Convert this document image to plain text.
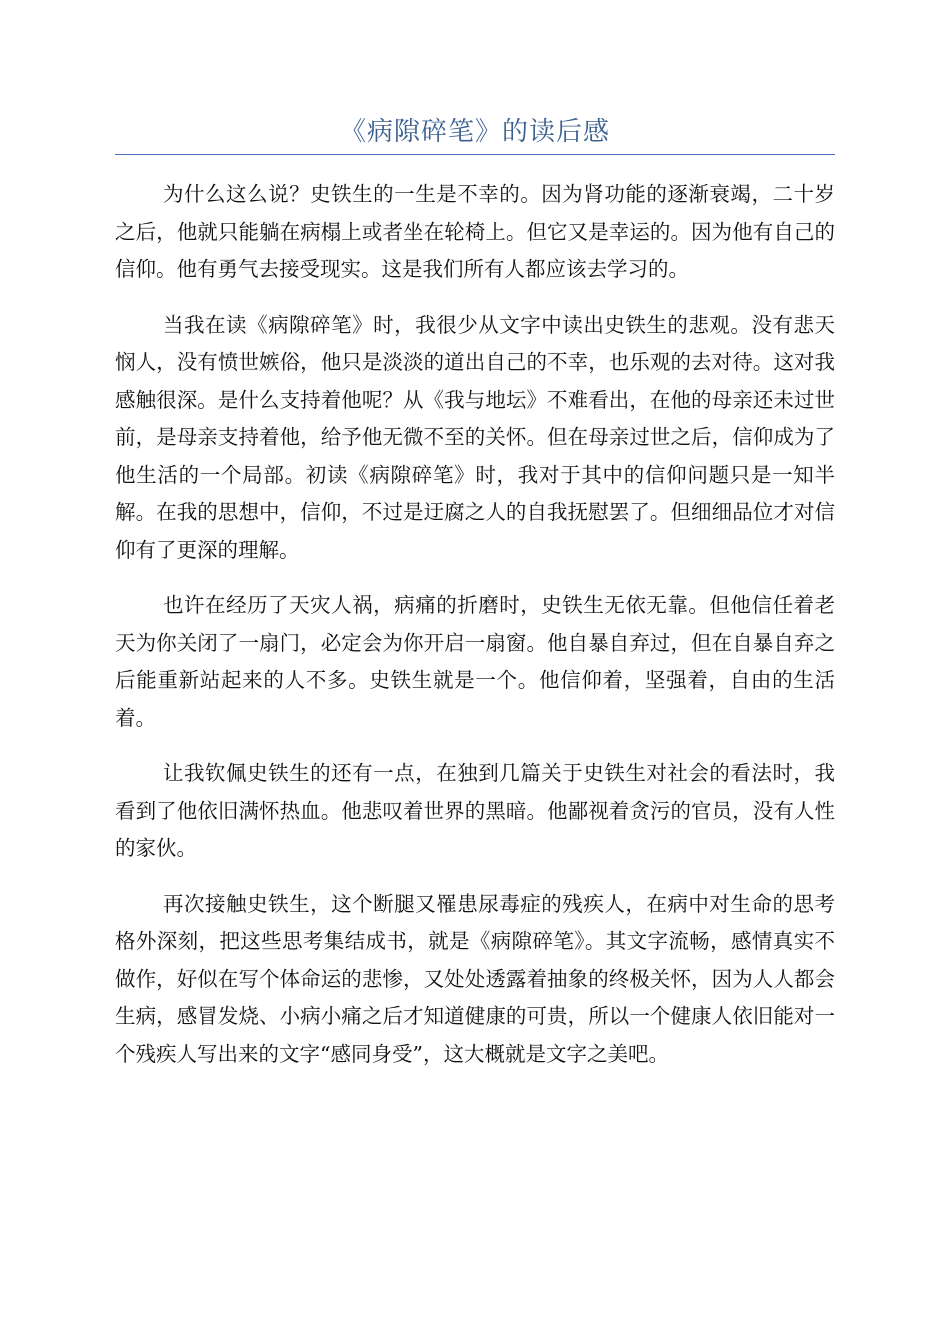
《病隙碎笔》的读后感

为什么这么说？史铁生的一生是不幸的。因为肾功能的逐渐衰竭，二十岁之后，他就只能躺在病榻上或者坐在轮椅上。但它又是幸运的。因为他有自己的信仰。他有勇气去接受现实。这是我们所有人都应该去学习的。

当我在读《病隙碎笔》时，我很少从文字中读出史铁生的悲观。没有悲天悯人，没有愤世嫉俗，他只是淡淡的道出自己的不幸，也乐观的去对待。这对我感触很深。是什么支持着他呢？从《我与地坛》不难看出，在他的母亲还未过世前，是母亲支持着他，给予他无微不至的关怀。但在母亲过世之后，信仰成为了他生活的一个局部。初读《病隙碎笔》时，我对于其中的信仰问题只是一知半解。在我的思想中，信仰，不过是迂腐之人的自我抚慰罢了。但细细品位才对信仰有了更深的理解。

也许在经历了天灾人祸，病痛的折磨时，史铁生无依无靠。但他信任着老天为你关闭了一扇门，必定会为你开启一扇窗。他自暴自弃过，但在自暴自弃之后能重新站起来的人不多。史铁生就是一个。他信仰着，坚强着，自由的生活着。

让我钦佩史铁生的还有一点，在独到几篇关于史铁生对社会的看法时，我看到了他依旧满怀热血。他悲叹着世界的黑暗。他鄙视着贪污的官员，没有人性的家伙。

再次接触史铁生，这个断腿又罹患尿毒症的残疾人，在病中对生命的思考格外深刻，把这些思考集结成书，就是《病隙碎笔》。其文字流畅，感情真实不做作，好似在写个体命运的悲惨，又处处透露着抽象的终极关怀，因为人人都会生病，感冒发烧、小病小痛之后才知道健康的可贵，所以一个健康人依旧能对一个残疾人写出来的文字“感同身受”，这大概就是文字之美吧。
